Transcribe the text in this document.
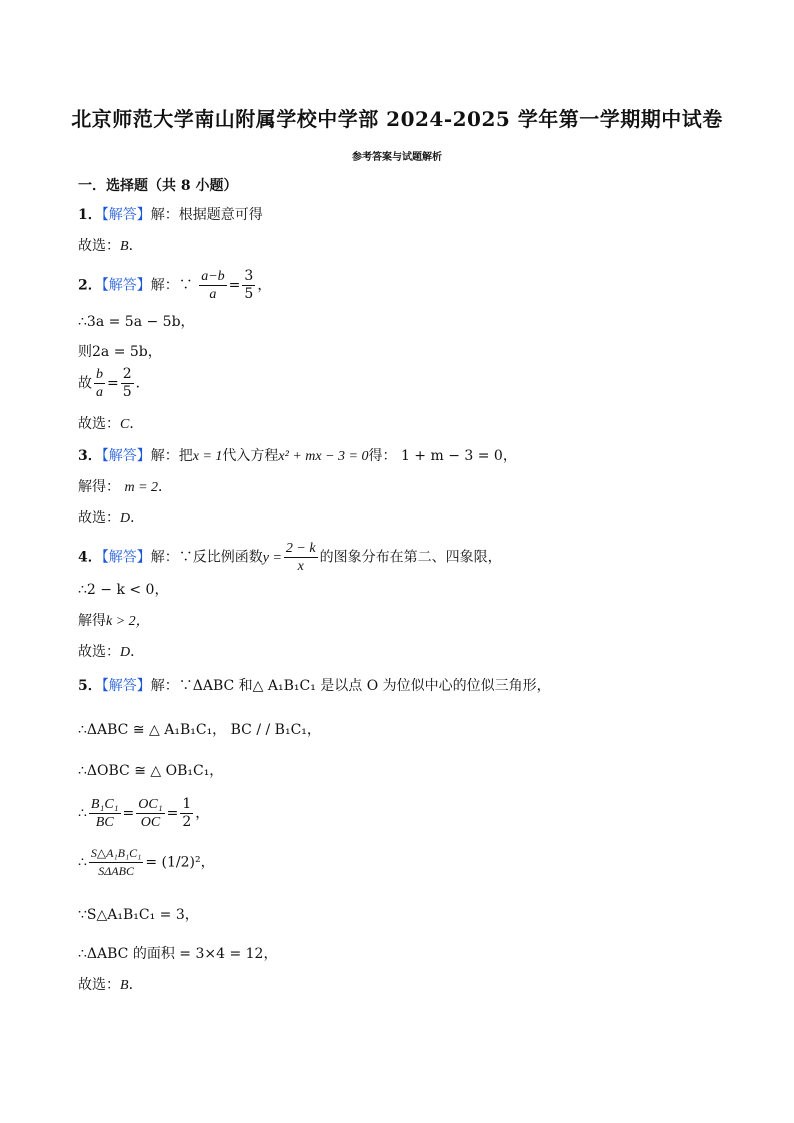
北京师范大学南山附属学校中学部 2024-2025 学年第一学期期中试卷
参考答案与试题解析
一．选择题（共 8 小题）
1．【解答】解：根据题意可得
故选：B．
2．【解答】解：∵ $\frac{a-b}{a} = \frac{3}{5}$ ，
∴3a = 5a − 5b，
则2a = 5b，
故 $\frac{b}{a} = \frac{2}{5}$ ．
故选：C．
3．【解答】解：把x = 1代入方程x² + mx − 3 = 0得： 1 + m − 3 = 0，
解得： m = 2．
故选：D．
4．【解答】解：∵反比例函数$y = \frac{2 - k}{x}$ 的图象分布在第二、四象限，
∴2 − k < 0，
解得k > 2，
故选：D．
5．【解答】解：∵ΔABC 和△ A₁B₁C₁ 是以点 O 为位似中心的位似三角形，
∴ΔABC ≅ △ A₁B₁C₁， BC / / B₁C₁，
∴ΔOBC ≅ △ OB₁C₁，
∴ $\frac{\text{B₁C₁}}{BC} = \frac{\text{OC₁}}{OC} = \frac{1}{2}$ ，
∴ $\frac{\text{S△A₁B₁C₁}}{\text{SΔABC}} = (1/2)^2$，
∵S△A₁B₁C₁ = 3，
∴ΔABC 的面积 = 3×4 = 12，
故选：B．
